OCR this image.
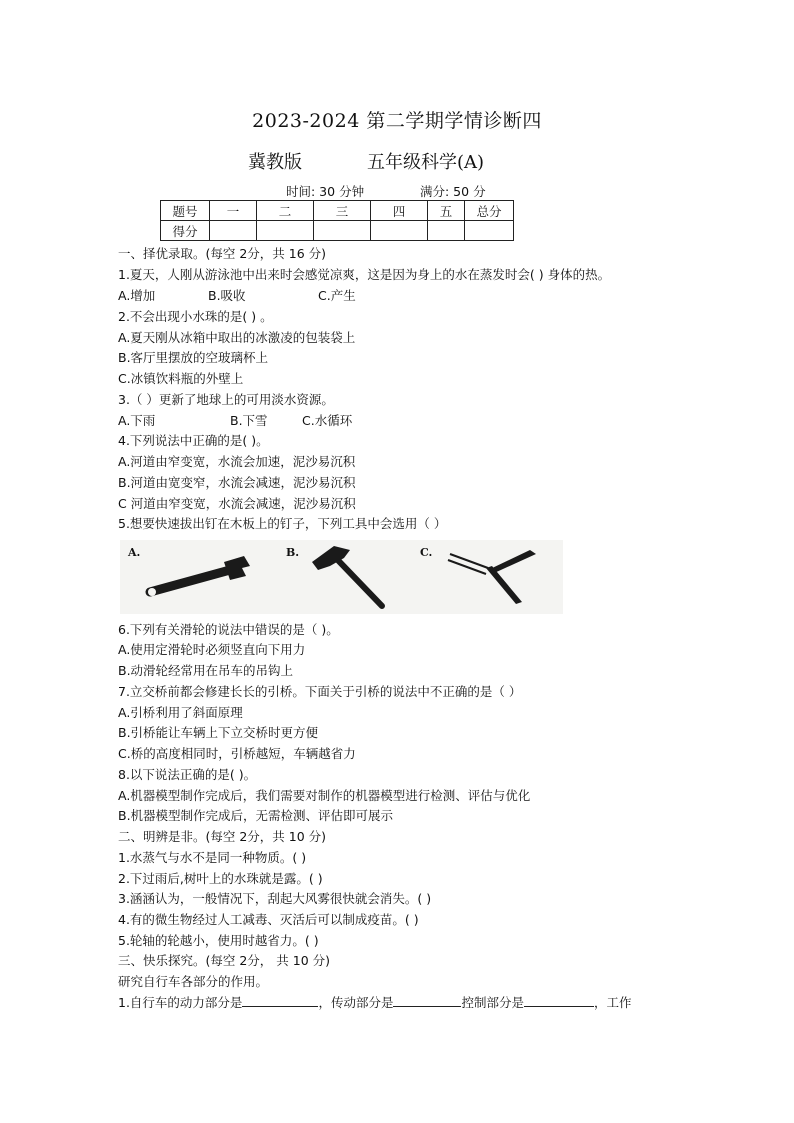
2023-2024 第二学期学情诊断四
冀教版	五年级科学(A)
时间: 30 分钟	满分: 50 分
题号	一	二	三	四	五	总分
得分						
一、择优录取。(每空 2分，共 16 分)
1.夏天，人刚从游泳池中出来时会感觉凉爽，这是因为身上的水在蒸发时会( ) 身体的热。
A.增加	B.吸收	C.产生
2.不会出现小水珠的是( ) 。
A.夏天刚从冰箱中取出的冰激凌的包装袋上
B.客厅里摆放的空玻璃杯上
C.冰镇饮料瓶的外壁上
3.（ ）更新了地球上的可用淡水资源。
A.下雨	B.下雪	C.水循环
4.下列说法中正确的是( )。
A.河道由窄变宽，水流会加速，泥沙易沉积
B.河道由宽变窄，水流会减速，泥沙易沉积
C 河道由窄变宽，水流会减速，泥沙易沉积
5.想要快速拔出钉在木板上的钉子，下列工具中会选用（ ）
A.	B.	C.
6.下列有关滑轮的说法中错误的是（ )。
A.使用定滑轮时必须竖直向下用力
B.动滑轮经常用在吊车的吊钩上
7.立交桥前都会修建长长的引桥。下面关于引桥的说法中不正确的是（ ）
A.引桥利用了斜面原理
B.引桥能让车辆上下立交桥时更方便
C.桥的高度相同时，引桥越短，车辆越省力
8.以下说法正确的是( )。
A.机器模型制作完成后，我们需要对制作的机器模型进行检测、评估与优化
B.机器模型制作完成后，无需检测、评估即可展示
二、明辨是非。(每空 2分，共 10 分)
1.水蒸气与水不是同一种物质。( )
2.下过雨后,树叶上的水珠就是露。( )
3.涵涵认为，一般情况下，刮起大风雾很快就会消失。( )
4.有的微生物经过人工减毒、灭活后可以制成疫苗。( )
5.轮轴的轮越小，使用时越省力。( )
三、快乐探究。(每空 2分， 共 10 分)
研究自行车各部分的作用。
1.自行车的动力部分是	，传动部分是	控制部分是	，工作
